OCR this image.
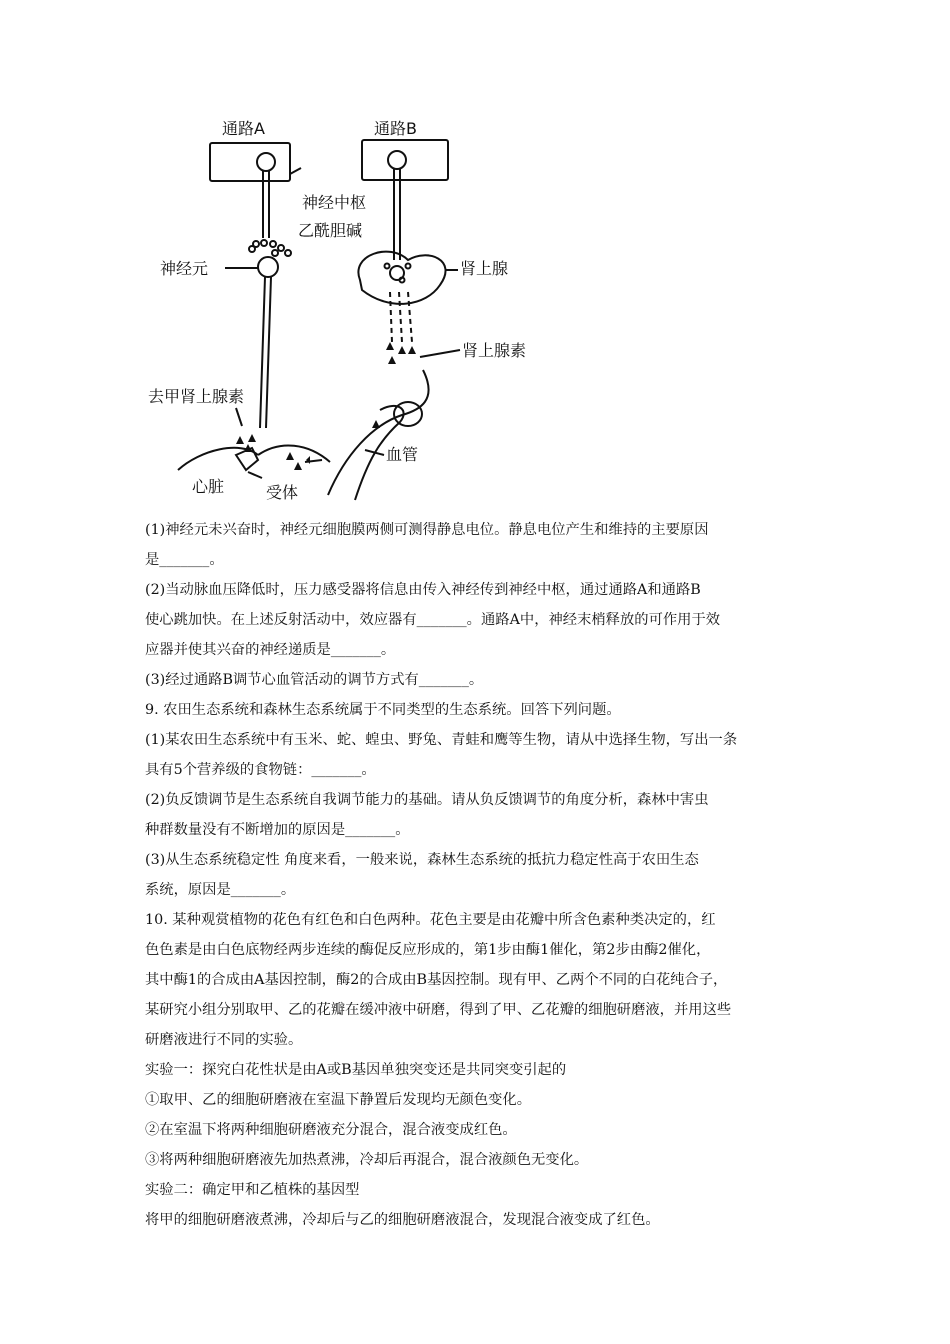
通路A	通路B
神经中枢
乙酰胆碱
神经元	肾上腺
肾上腺素
去甲肾上腺素
血管
心脏	受体
(1)神经元未兴奋时，神经元细胞膜两侧可测得静息电位。静息电位产生和维持的主要原因
是_______。
(2)当动脉血压降低时，压力感受器将信息由传入神经传到神经中枢，通过通路A和通路B
使心跳加快。在上述反射活动中，效应器有_______。通路A中，神经末梢释放的可作用于效
应器并使其兴奋的神经递质是_______。
(3)经过通路B调节心血管活动的调节方式有_______。
9. 农田生态系统和森林生态系统属于不同类型的生态系统。回答下列问题。
(1)某农田生态系统中有玉米、蛇、蝗虫、野兔、青蛙和鹰等生物，请从中选择生物，写出一条
具有5个营养级的食物链：_______。
(2)负反馈调节是生态系统自我调节能力的基础。请从负反馈调节的角度分析，森林中害虫
种群数量没有不断增加的原因是_______。
(3)从生态系统稳定性 角度来看，一般来说，森林生态系统的抵抗力稳定性高于农田生态
系统，原因是_______。
10. 某种观赏植物的花色有红色和白色两种。花色主要是由花瓣中所含色素种类决定的，红
色色素是由白色底物经两步连续的酶促反应形成的，第1步由酶1催化，第2步由酶2催化，
其中酶1的合成由A基因控制，酶2的合成由B基因控制。现有甲、乙两个不同的白花纯合子，
某研究小组分别取甲、乙的花瓣在缓冲液中研磨，得到了甲、乙花瓣的细胞研磨液，并用这些
研磨液进行不同的实验。
实验一：探究白花性状是由A或B基因单独突变还是共同突变引起的
①取甲、乙的细胞研磨液在室温下静置后发现均无颜色变化。
②在室温下将两种细胞研磨液充分混合，混合液变成红色。
③将两种细胞研磨液先加热煮沸，冷却后再混合，混合液颜色无变化。
实验二：确定甲和乙植株的基因型
将甲的细胞研磨液煮沸，冷却后与乙的细胞研磨液混合，发现混合液变成了红色。
